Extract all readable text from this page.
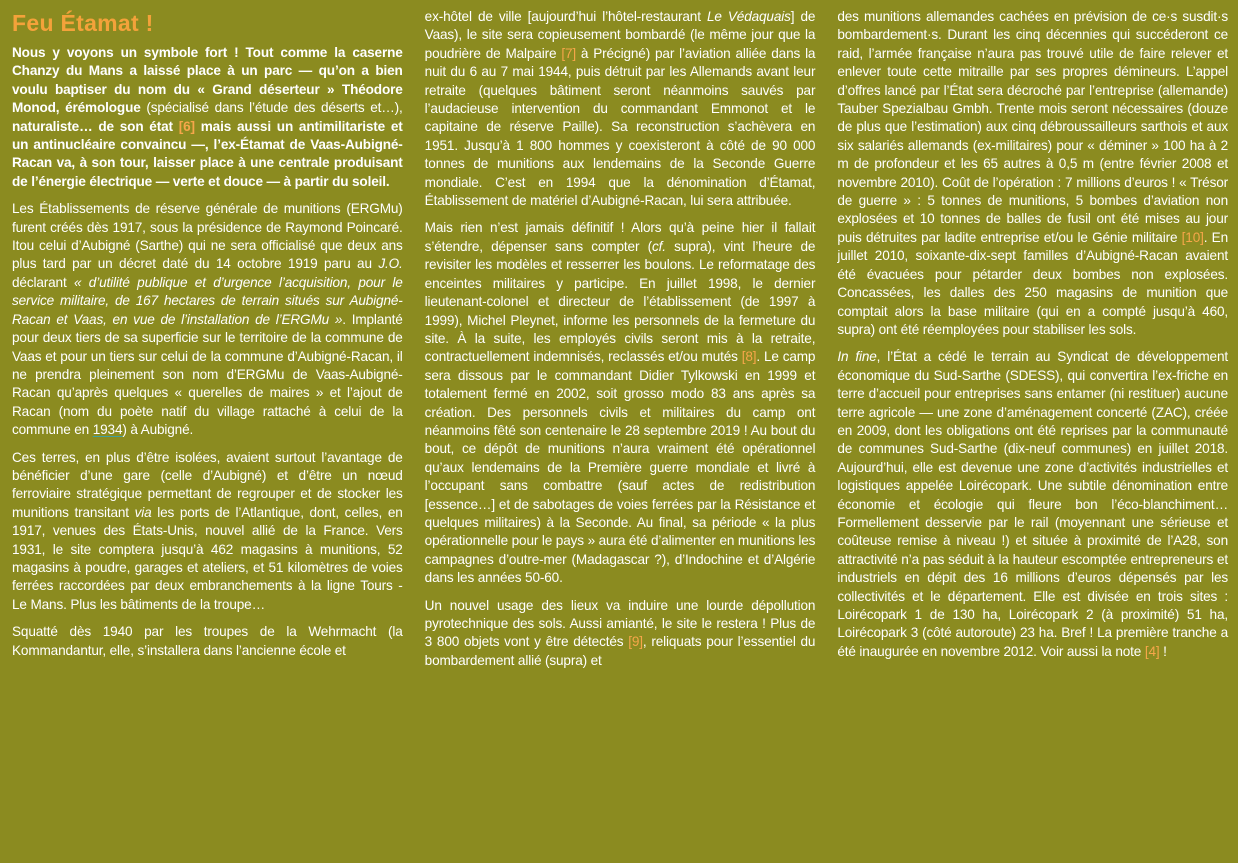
Feu Étamat !

Nous y voyons un symbole fort ! Tout comme la caserne Chanzy du Mans a laissé place à un parc — qu’on a bien voulu baptiser du nom du « Grand déserteur » Théodore Monod, érémologue (spécialisé dans l’étude des déserts et…), naturaliste… de son état [6] mais aussi un antimilitariste et un antinucléaire convaincu —, l’ex-Étamat de Vaas-Aubigné-Racan va, à son tour, laisser place à une centrale produisant de l’énergie électrique — verte et douce — à partir du soleil.

Les Établissements de réserve générale de munitions (ERGMu) furent créés dès 1917, sous la présidence de Raymond Poincaré. Itou celui d’Aubigné (Sarthe) qui ne sera officialisé que deux ans plus tard par un décret daté du 14 octobre 1919 paru au J.O. déclarant « d’utilité publique et d’urgence l’acquisition, pour le service militaire, de 167 hectares de terrain situés sur Aubigné-Racan et Vaas, en vue de l’installation de l’ERGMu ». Implanté pour deux tiers de sa superficie sur le territoire de la commune de Vaas et pour un tiers sur celui de la commune d’Aubigné-Racan, il ne prendra pleinement son nom d’ERGMu de Vaas-Aubigné-Racan qu’après quelques « querelles de maires » et l’ajout de Racan (nom du poète natif du village rattaché à celui de la commune en 1934) à Aubigné.

Ces terres, en plus d’être isolées, avaient surtout l’avantage de bénéficier d’une gare (celle d’Aubigné) et d’être un nœud ferroviaire stratégique permettant de regrouper et de stocker les munitions transitant via les ports de l’Atlantique, dont, celles, en 1917, venues des États-Unis, nouvel allié de la France. Vers 1931, le site comptera jusqu’à 462 magasins à munitions, 52 magasins à poudre, garages et ateliers, et 51 kilomètres de voies ferrées raccordées par deux embranchements à la ligne Tours - Le Mans. Plus les bâtiments de la troupe…

Squatté dès 1940 par les troupes de la Wehrmacht (la Kommandantur, elle, s’installera dans l’ancienne école et

ex-hôtel de ville [aujourd’hui l’hôtel-restaurant Le Védaquais] de Vaas), le site sera copieusement bombardé (le même jour que la poudrière de Malpaire [7] à Précigné) par l’aviation alliée dans la nuit du 6 au 7 mai 1944, puis détruit par les Allemands avant leur retraite (quelques bâtiment seront néanmoins sauvés par l’audacieuse intervention du commandant Emmonot et le capitaine de réserve Paille). Sa reconstruction s’achèvera en 1951. Jusqu’à 1 800 hommes y coexisteront à côté de 90 000 tonnes de munitions aux lendemains de la Seconde Guerre mondiale. C’est en 1994 que la dénomination d’Étamat, Établissement de matériel d’Aubigné-Racan, lui sera attribuée.

Mais rien n’est jamais définitif ! Alors qu’à peine hier il fallait s’étendre, dépenser sans compter (cf. supra), vint l’heure de revisiter les modèles et resserrer les boulons. Le reformatage des enceintes militaires y participe. En juillet 1998, le dernier lieutenant-colonel et directeur de l’établissement (de 1997 à 1999), Michel Pleynet, informe les personnels de la fermeture du site. À la suite, les employés civils seront mis à la retraite, contractuellement indemnisés, reclassés et/ou mutés [8]. Le camp sera dissous par le commandant Didier Tylkowski en 1999 et totalement fermé en 2002, soit grosso modo 83 ans après sa création. Des personnels civils et militaires du camp ont néanmoins fêté son centenaire le 28 septembre 2019 ! Au bout du bout, ce dépôt de munitions n’aura vraiment été opérationnel qu’aux lendemains de la Première guerre mondiale et livré à l’occupant sans combattre (sauf actes de redistribution [essence…] et de sabotages de voies ferrées par la Résistance et quelques militaires) à la Seconde. Au final, sa période « la plus opérationnelle pour le pays » aura été d’alimenter en munitions les campagnes d’outre-mer (Madagascar ?), d’Indochine et d’Algérie dans les années 50-60.

Un nouvel usage des lieux va induire une lourde dépollution pyrotechnique des sols. Aussi amianté, le site le restera ! Plus de 3 800 objets vont y être détectés [9], reliquats pour l’essentiel du bombardement allié (supra) et

des munitions allemandes cachées en prévision de ce·s susdit·s bombardement·s. Durant les cinq décennies qui succéderont ce raid, l’armée française n’aura pas trouvé utile de faire relever et enlever toute cette mitraille par ses propres démineurs. L’appel d’offres lancé par l’État sera décroché par l’entreprise (allemande) Tauber Spezialbau Gmbh. Trente mois seront nécessaires (douze de plus que l’estimation) aux cinq débroussailleurs sarthois et aux six salariés allemands (ex-militaires) pour « déminer » 100 ha à 2 m de profondeur et les 65 autres à 0,5 m (entre février 2008 et novembre 2010). Coût de l’opération : 7 millions d’euros ! « Trésor de guerre » : 5 tonnes de munitions, 5 bombes d’aviation non explosées et 10 tonnes de balles de fusil ont été mises au jour puis détruites par ladite entreprise et/ou le Génie militaire [10]. En juillet 2010, soixante-dix-sept familles d’Aubigné-Racan avaient été évacuées pour pétarder deux bombes non explosées. Concassées, les dalles des 250 magasins de munition que comptait alors la base militaire (qui en a compté jusqu’à 460, supra) ont été réemployées pour stabiliser les sols.

In fine, l’État a cédé le terrain au Syndicat de développement économique du Sud-Sarthe (SDESS), qui convertira l’ex-friche en terre d’accueil pour entreprises sans entamer (ni restituer) aucune terre agricole — une zone d’aménagement concerté (ZAC), créée en 2009, dont les obligations ont été reprises par la communauté de communes Sud-Sarthe (dix-neuf communes) en juillet 2018. Aujourd’hui, elle est devenue une zone d’activités industrielles et logistiques appelée Loirécopark. Une subtile dénomination entre économie et écologie qui fleure bon l’éco-blanchiment… Formellement desservie par le rail (moyennant une sérieuse et coûteuse remise à niveau !) et située à proximité de l’A28, son attractivité n’a pas séduit à la hauteur escomptée entrepreneurs et industriels en dépit des 16 millions d’euros dépensés par les collectivités et le département. Elle est divisée en trois sites : Loirécopark 1 de 130 ha, Loirécopark 2 (à proximité) 51 ha, Loirécopark 3 (côté autoroute) 23 ha. Bref ! La première tranche a été inaugurée en novembre 2012. Voir aussi la note [4] !
